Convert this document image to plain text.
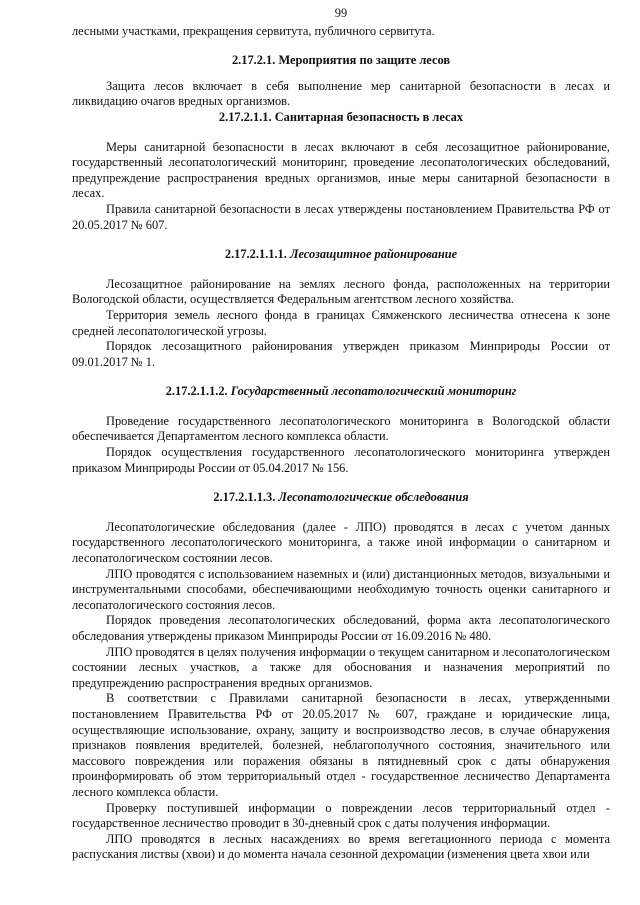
99

лесными участками, прекращения сервитута, публичного сервитута.

2.17.2.1. Мероприятия по защите лесов

Защита лесов включает в себя выполнение мер санитарной безопасности в лесах и ликвидацию очагов вредных организмов.

2.17.2.1.1. Санитарная безопасность в лесах

Меры санитарной безопасности в лесах включают в себя лесозащитное районирование, государственный лесопатологический мониторинг, проведение лесопатологических обследований, предупреждение распространения вредных организмов, иные меры санитарной безопасности в лесах.

Правила санитарной безопасности в лесах утверждены постановлением Правительства РФ от 20.05.2017 № 607.

2.17.2.1.1.1. Лесозащитное районирование

Лесозащитное районирование на землях лесного фонда, расположенных на территории Вологодской области, осуществляется Федеральным агентством лесного хозяйства.

Территория земель лесного фонда в границах Сямженского лесничества отнесена к зоне средней лесопатологической угрозы.

Порядок лесозащитного районирования утвержден приказом Минприроды России от 09.01.2017 № 1.

2.17.2.1.1.2. Государственный лесопатологический мониторинг

Проведение государственного лесопатологического мониторинга в Вологодской области обеспечивается Департаментом лесного комплекса области.

Порядок осуществления государственного лесопатологического мониторинга утвержден приказом Минприроды России от 05.04.2017 № 156.

2.17.2.1.1.3. Лесопатологические обследования

Лесопатологические обследования (далее - ЛПО) проводятся в лесах с учетом данных государственного лесопатологического мониторинга, а также иной информации о санитарном и лесопатологическом состоянии лесов.

ЛПО проводятся с использованием наземных и (или) дистанционных методов, визуальными и инструментальными способами, обеспечивающими необходимую точность оценки санитарного и лесопатологического состояния лесов.

Порядок проведения лесопатологических обследований, форма акта лесопатологического обследования утверждены приказом Минприроды России от 16.09.2016 № 480.

ЛПО проводятся в целях получения информации о текущем санитарном и лесопатологическом состоянии лесных участков, а также для обоснования и назначения мероприятий по предупреждению распространения вредных организмов.

В соответствии с Правилами санитарной безопасности в лесах, утвержденными постановлением Правительства РФ от 20.05.2017 № 607, граждане и юридические лица, осуществляющие использование, охрану, защиту и воспроизводство лесов, в случае обнаружения признаков появления вредителей, болезней, неблагополучного состояния, значительного или массового повреждения или поражения обязаны в пятидневный срок с даты обнаружения проинформировать об этом территориальный отдел - государственное лесничество Департамента лесного комплекса области.

Проверку поступившей информации о повреждении лесов территориальный отдел - государственное лесничество проводит в 30-дневный срок с даты получения информации.

ЛПО проводятся в лесных насаждениях во время вегетационного периода с момента распускания листвы (хвои) и до момента начала сезонной дехромации (изменения цвета хвои или
